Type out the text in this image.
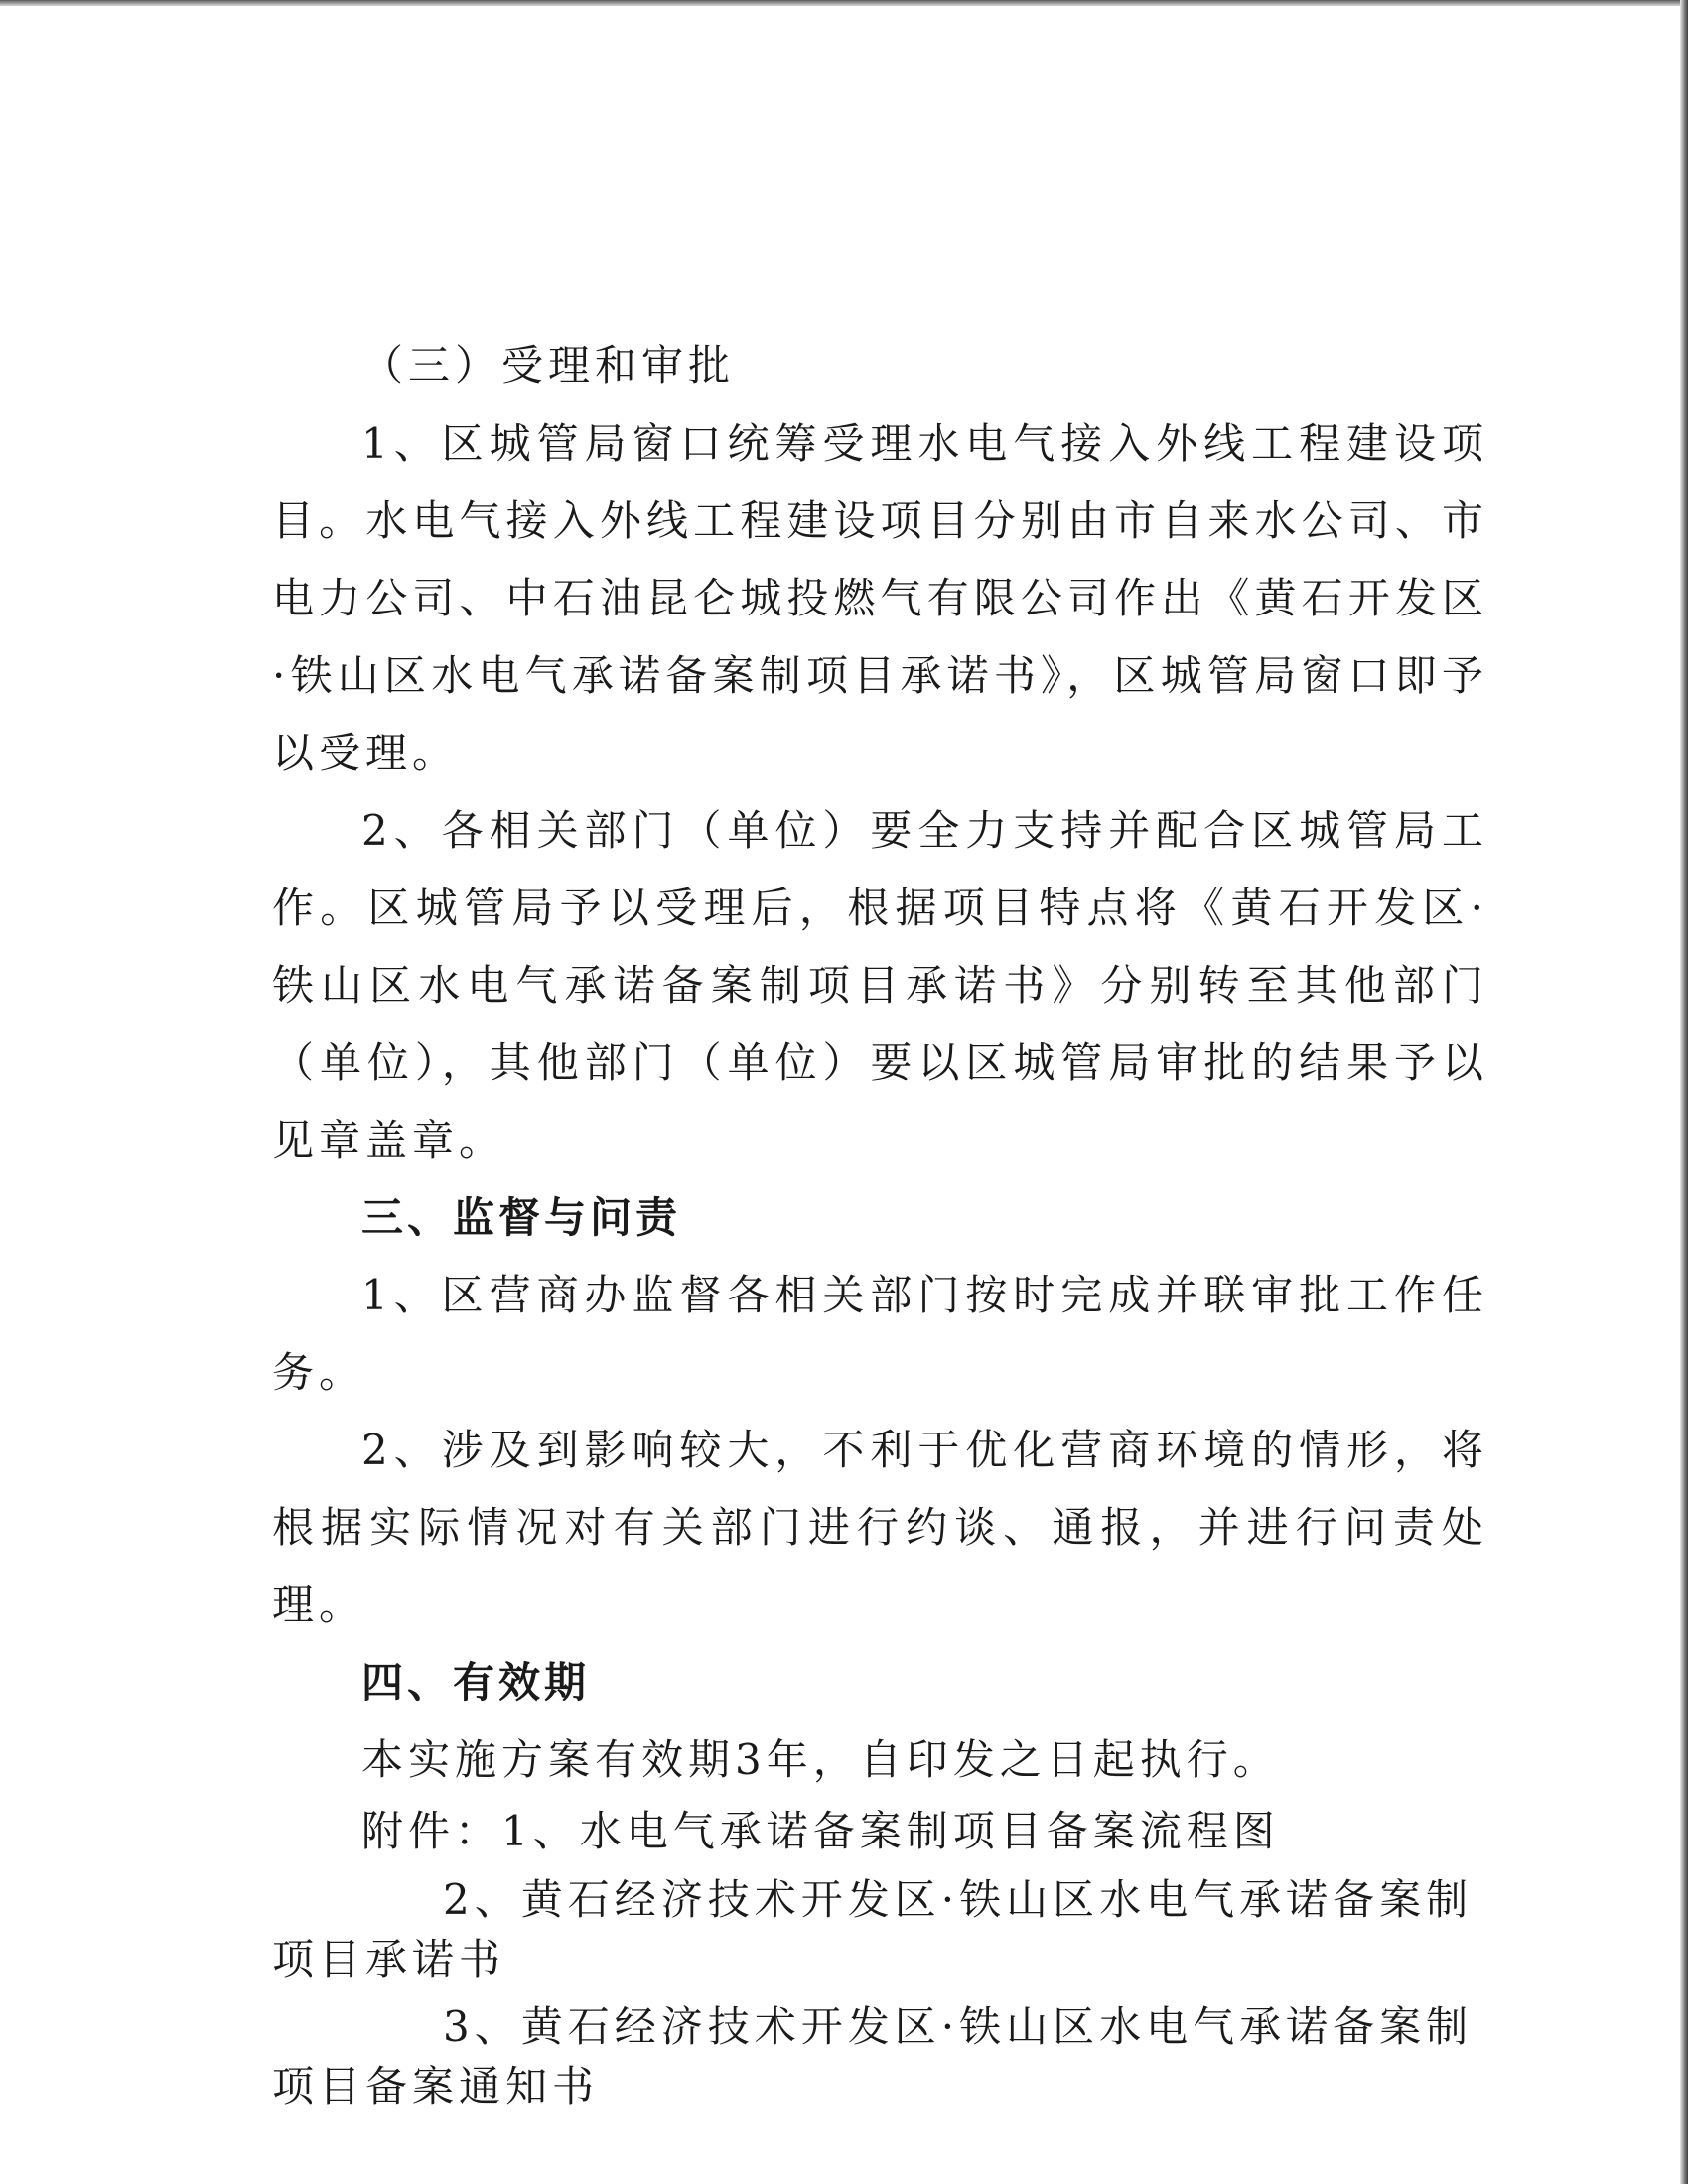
（三）受理和审批

1、区城管局窗口统筹受理水电气接入外线工程建设项目。水电气接入外线工程建设项目分别由市自来水公司、市电力公司、中石油昆仑城投燃气有限公司作出《黄石开发区·铁山区水电气承诺备案制项目承诺书》，区城管局窗口即予以受理。

2、各相关部门（单位）要全力支持并配合区城管局工作。区城管局予以受理后，根据项目特点将《黄石开发区·铁山区水电气承诺备案制项目承诺书》分别转至其他部门（单位），其他部门（单位）要以区城管局审批的结果予以见章盖章。

三、监督与问责

1、区营商办监督各相关部门按时完成并联审批工作任务。

2、涉及到影响较大，不利于优化营商环境的情形，将根据实际情况对有关部门进行约谈、通报，并进行问责处理。

四、有效期

本实施方案有效期3年，自印发之日起执行。

附件：1、水电气承诺备案制项目备案流程图

2、黄石经济技术开发区·铁山区水电气承诺备案制项目承诺书

3、黄石经济技术开发区·铁山区水电气承诺备案制项目备案通知书
